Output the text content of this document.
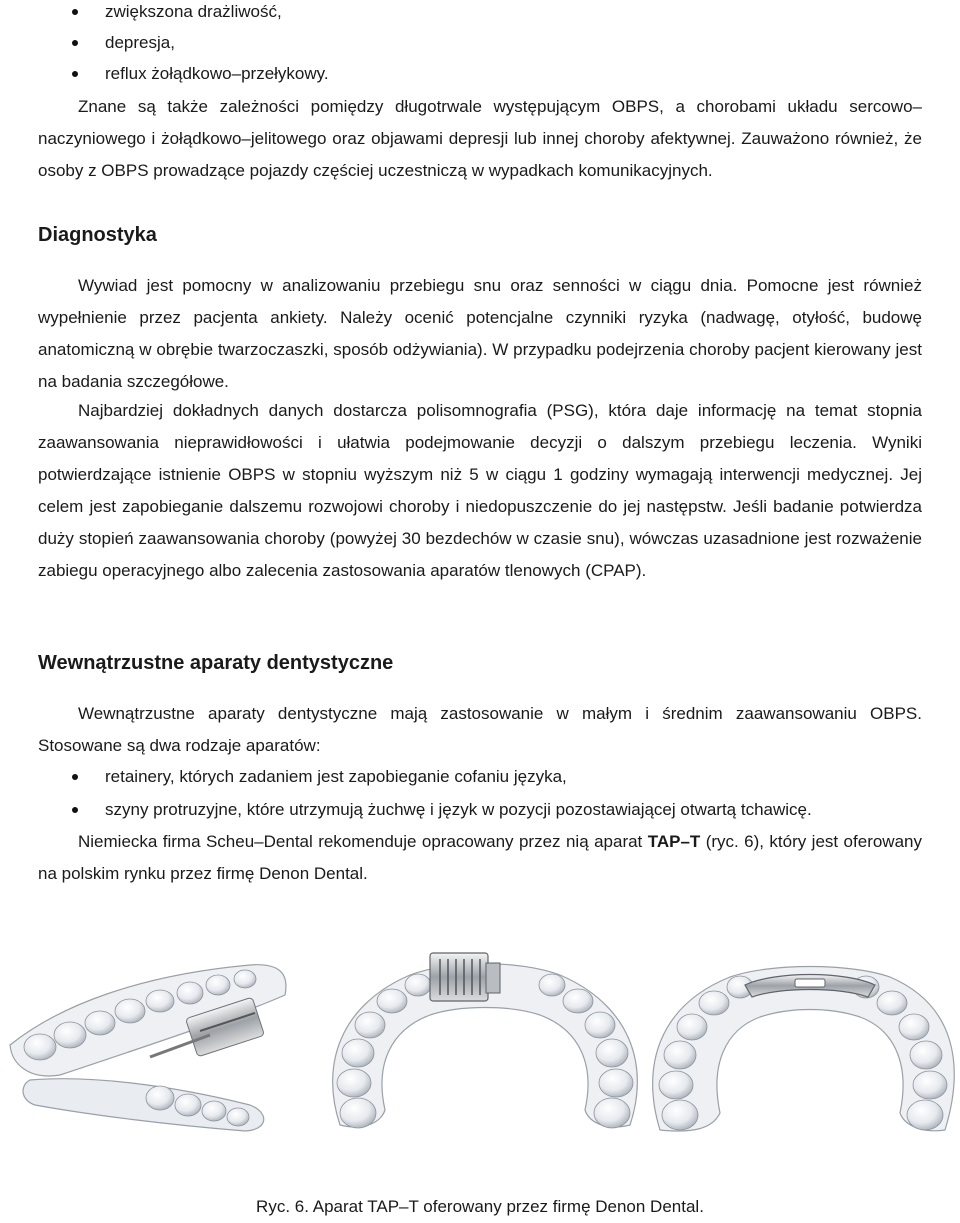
zwiększona drażliwość,
depresja,
reflux żołądkowo–przełykowy.

Znane są także zależności pomiędzy długotrwale występującym OBPS, a chorobami układu sercowo–naczyniowego i żołądkowo–jelitowego oraz objawami depresji lub innej choroby afektywnej. Zauważono również, że osoby z OBPS prowadzące pojazdy częściej uczestniczą w wypadkach komunikacyjnych.

Diagnostyka

Wywiad jest pomocny w analizowaniu przebiegu snu oraz senności w ciągu dnia. Pomocne jest również wypełnienie przez pacjenta ankiety. Należy ocenić potencjalne czynniki ryzyka (nadwagę, otyłość, budowę anatomiczną w obrębie twarzoczaszki, sposób odżywiania). W przypadku podejrzenia choroby pacjent kierowany jest na badania szczegółowe.

Najbardziej dokładnych danych dostarcza polisomnografia (PSG), która daje informację na temat stopnia zaawansowania nieprawidłowości i ułatwia podejmowanie decyzji o dalszym przebiegu leczenia. Wyniki potwierdzające istnienie OBPS w stopniu wyższym niż 5 w ciągu 1 godziny wymagają interwencji medycznej. Jej celem jest zapobieganie dalszemu rozwojowi choroby i niedopuszczenie do jej następstw. Jeśli badanie potwierdza duży stopień zaawansowania choroby (powyżej 30 bezdechów w czasie snu), wówczas uzasadnione jest rozważenie zabiegu operacyjnego albo zalecenia zastosowania aparatów tlenowych (CPAP).

Wewnątrzustne aparaty dentystyczne

Wewnątrzustne aparaty dentystyczne mają zastosowanie w małym i średnim zaawansowaniu OBPS. Stosowane są dwa rodzaje aparatów:

retainery, których zadaniem jest zapobieganie cofaniu języka,
szyny protruzyjne, które utrzymują żuchwę i język w pozycji pozostawiającej otwartą tchawicę.

Niemiecka firma Scheu–Dental rekomenduje opracowany przez nią aparat TAP–T (ryc. 6), który jest oferowany na polskim rynku przez firmę Denon Dental.

Ryc. 6. Aparat TAP–T oferowany przez firmę Denon Dental.
